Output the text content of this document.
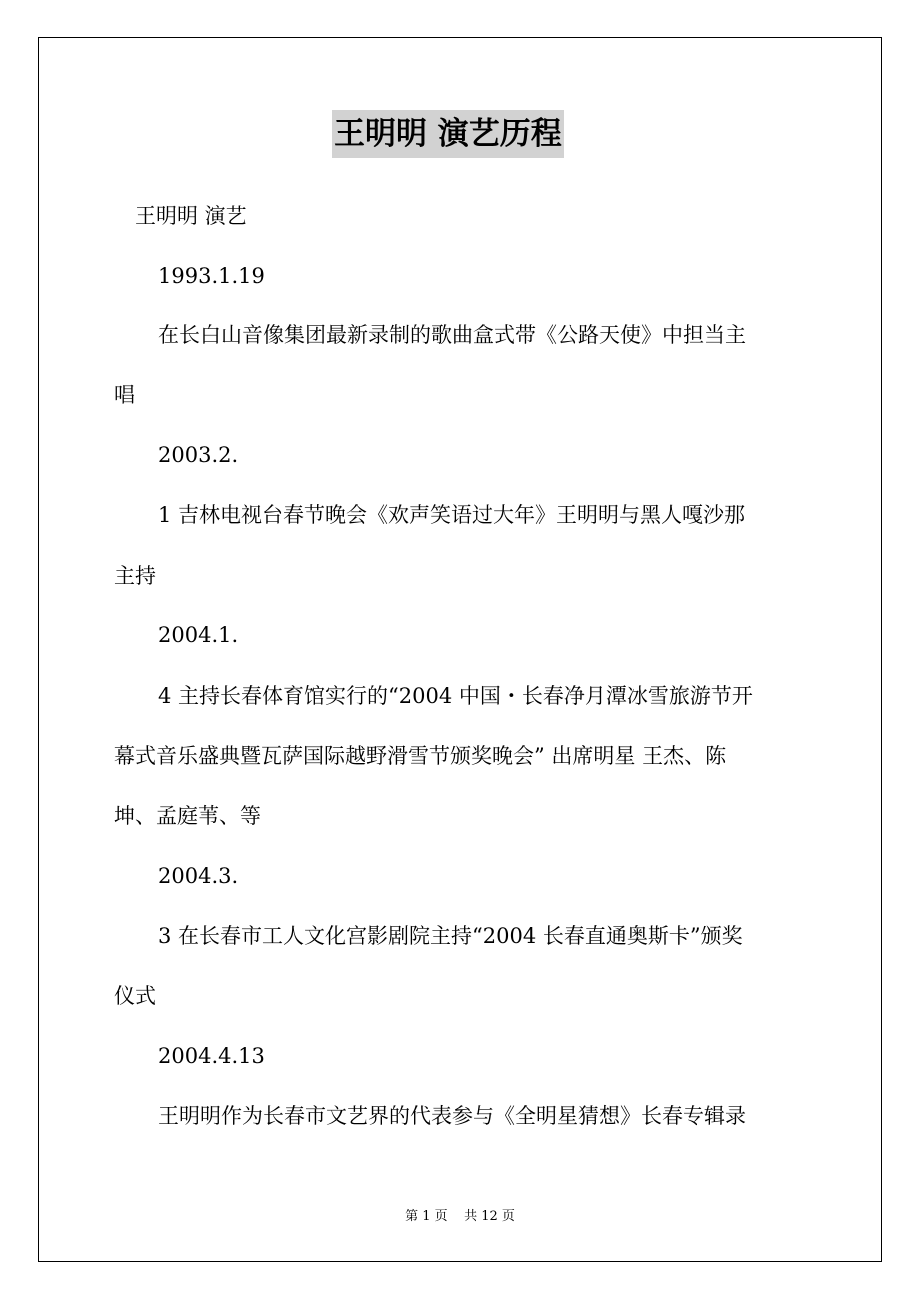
王明明 演艺历程
王明明 演艺
1993.1.19
在长白山音像集团最新录制的歌曲盒式带《公路天使》中担当主
唱
2003.2.
1 吉林电视台春节晚会《欢声笑语过大年》王明明与黑人嘎沙那
主持
2004.1.
4 主持长春体育馆实行的“2004 中国・长春净月潭冰雪旅游节开
幕式音乐盛典暨瓦萨国际越野滑雪节颁奖晚会” 出席明星 王杰、陈
坤、孟庭苇、等
2004.3.
3 在长春市工人文化宫影剧院主持“2004 长春直通奥斯卡”颁奖
仪式
2004.4.13
王明明作为长春市文艺界的代表参与《全明星猜想》长春专辑录
第 1 页    共 12 页
